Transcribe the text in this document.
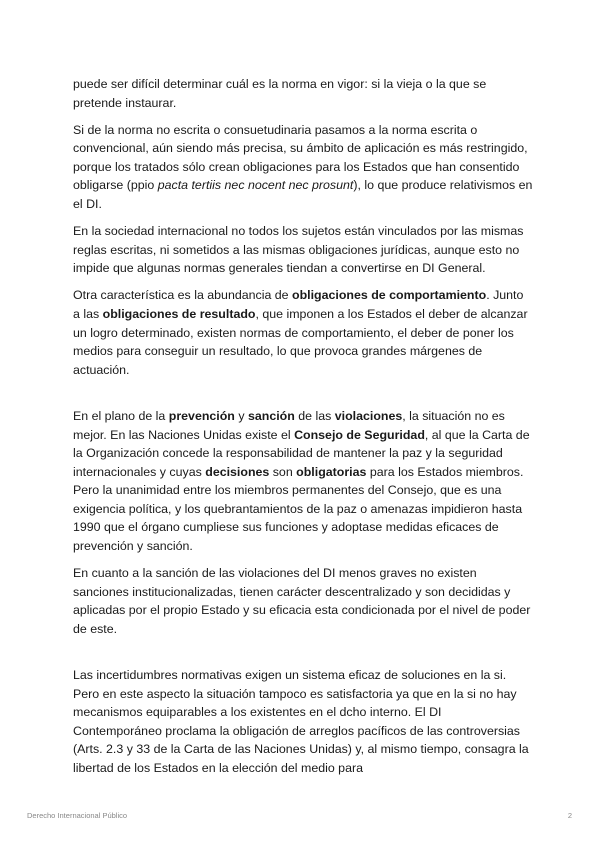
puede ser difícil determinar cuál es la norma en vigor: si la vieja o la que se pretende instaurar.

Si de la norma no escrita o consuetudinaria pasamos a la norma escrita o convencional, aún siendo más precisa, su ámbito de aplicación es más restringido, porque los tratados sólo crean obligaciones para los Estados que han consentido obligarse (ppio pacta tertiis nec nocent nec prosunt), lo que produce relativismos en el DI.

En la sociedad internacional no todos los sujetos están vinculados por las mismas reglas escritas, ni sometidos a las mismas obligaciones jurídicas, aunque esto no impide que algunas normas generales tiendan a convertirse en DI General.

Otra característica es la abundancia de obligaciones de comportamiento. Junto a las obligaciones de resultado, que imponen a los Estados el deber de alcanzar un logro determinado, existen normas de comportamiento, el deber de poner los medios para conseguir un resultado, lo que provoca grandes márgenes de actuación.

En el plano de la prevención y sanción de las violaciones, la situación no es mejor. En las Naciones Unidas existe el Consejo de Seguridad, al que la Carta de la Organización concede la responsabilidad de mantener la paz y la seguridad internacionales y cuyas decisiones son obligatorias para los Estados miembros. Pero la unanimidad entre los miembros permanentes del Consejo, que es una exigencia política, y los quebrantamientos de la paz o amenazas impidieron hasta 1990 que el órgano cumpliese sus funciones y adoptase medidas eficaces de prevención y sanción.

En cuanto a la sanción de las violaciones del DI menos graves no existen sanciones institucionalizadas, tienen carácter descentralizado y son decididas y aplicadas por el propio Estado y su eficacia esta condicionada por el nivel de poder de este.

Las incertidumbres normativas exigen un sistema eficaz de soluciones en la si. Pero en este aspecto la situación tampoco es satisfactoria ya que en la si no hay mecanismos equiparables a los existentes en el dcho interno. El DI Contemporáneo proclama la obligación de arreglos pacíficos de las controversias (Arts. 2.3 y 33 de la Carta de las Naciones Unidas) y, al mismo tiempo, consagra la libertad de los Estados en la elección del medio para

Derecho Internacional Público	2
